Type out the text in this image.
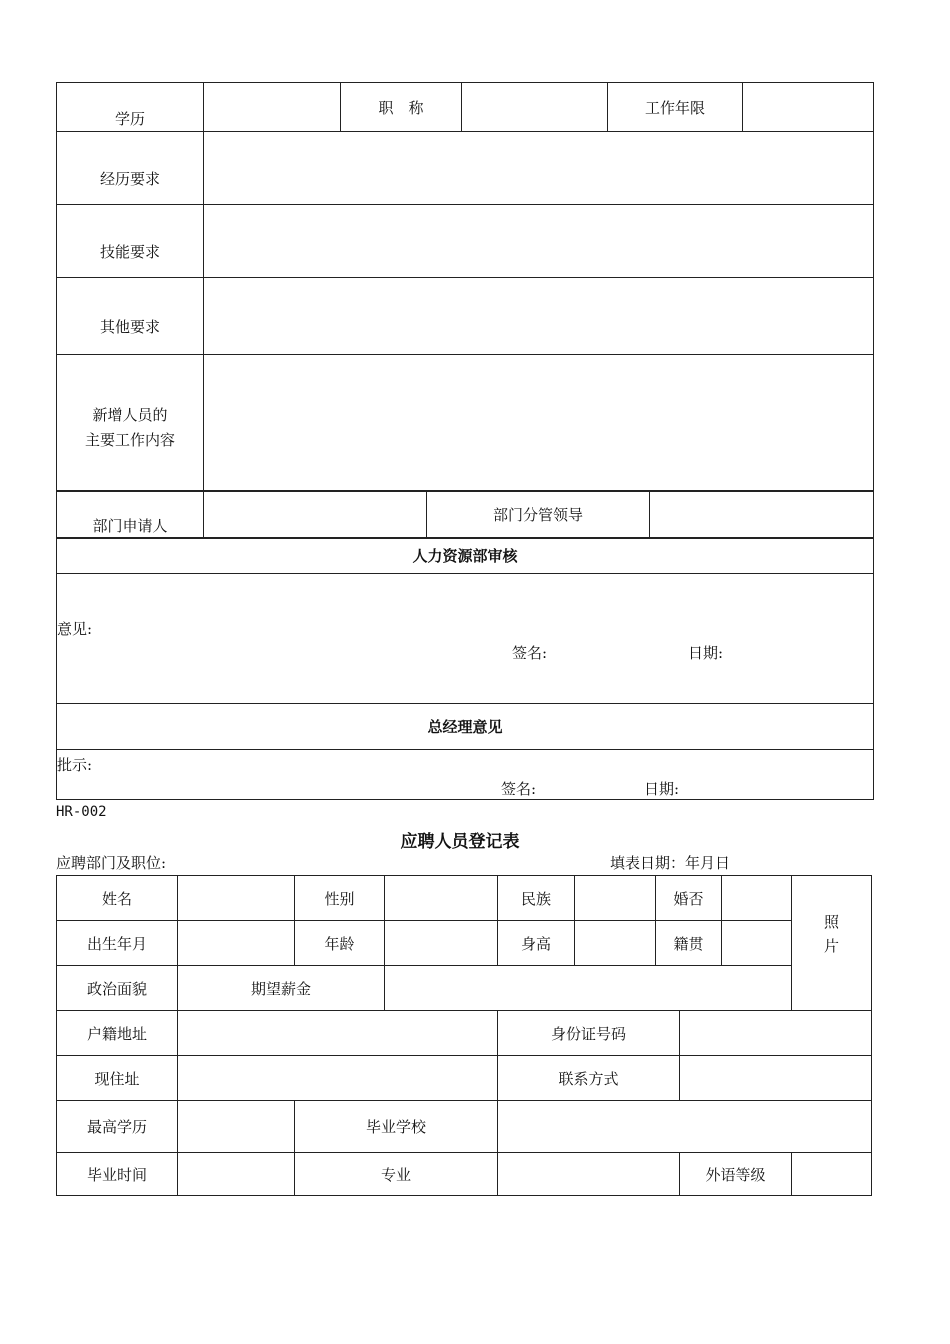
学历		职　称		工作年限	
经历要求					
技能要求					
其他要求					

新增人员的
主要工作内容					

部门申请人		部门分管领导	
人力资源部审核

意见:
签名:	日期:

总经理意见

批示:
签名:	日期:
HR-002
应聘人员登记表
应聘部门及职位:	填表日期：年月日
姓名		性别		民族		婚否			照
片

出生年月		年龄		身高		籍贯			
政治面貌	期望薪金								
户籍地址				身份证号码					
现住址				联系方式					
最高学历		毕业学校							
毕业时间		专业					外语等级		
